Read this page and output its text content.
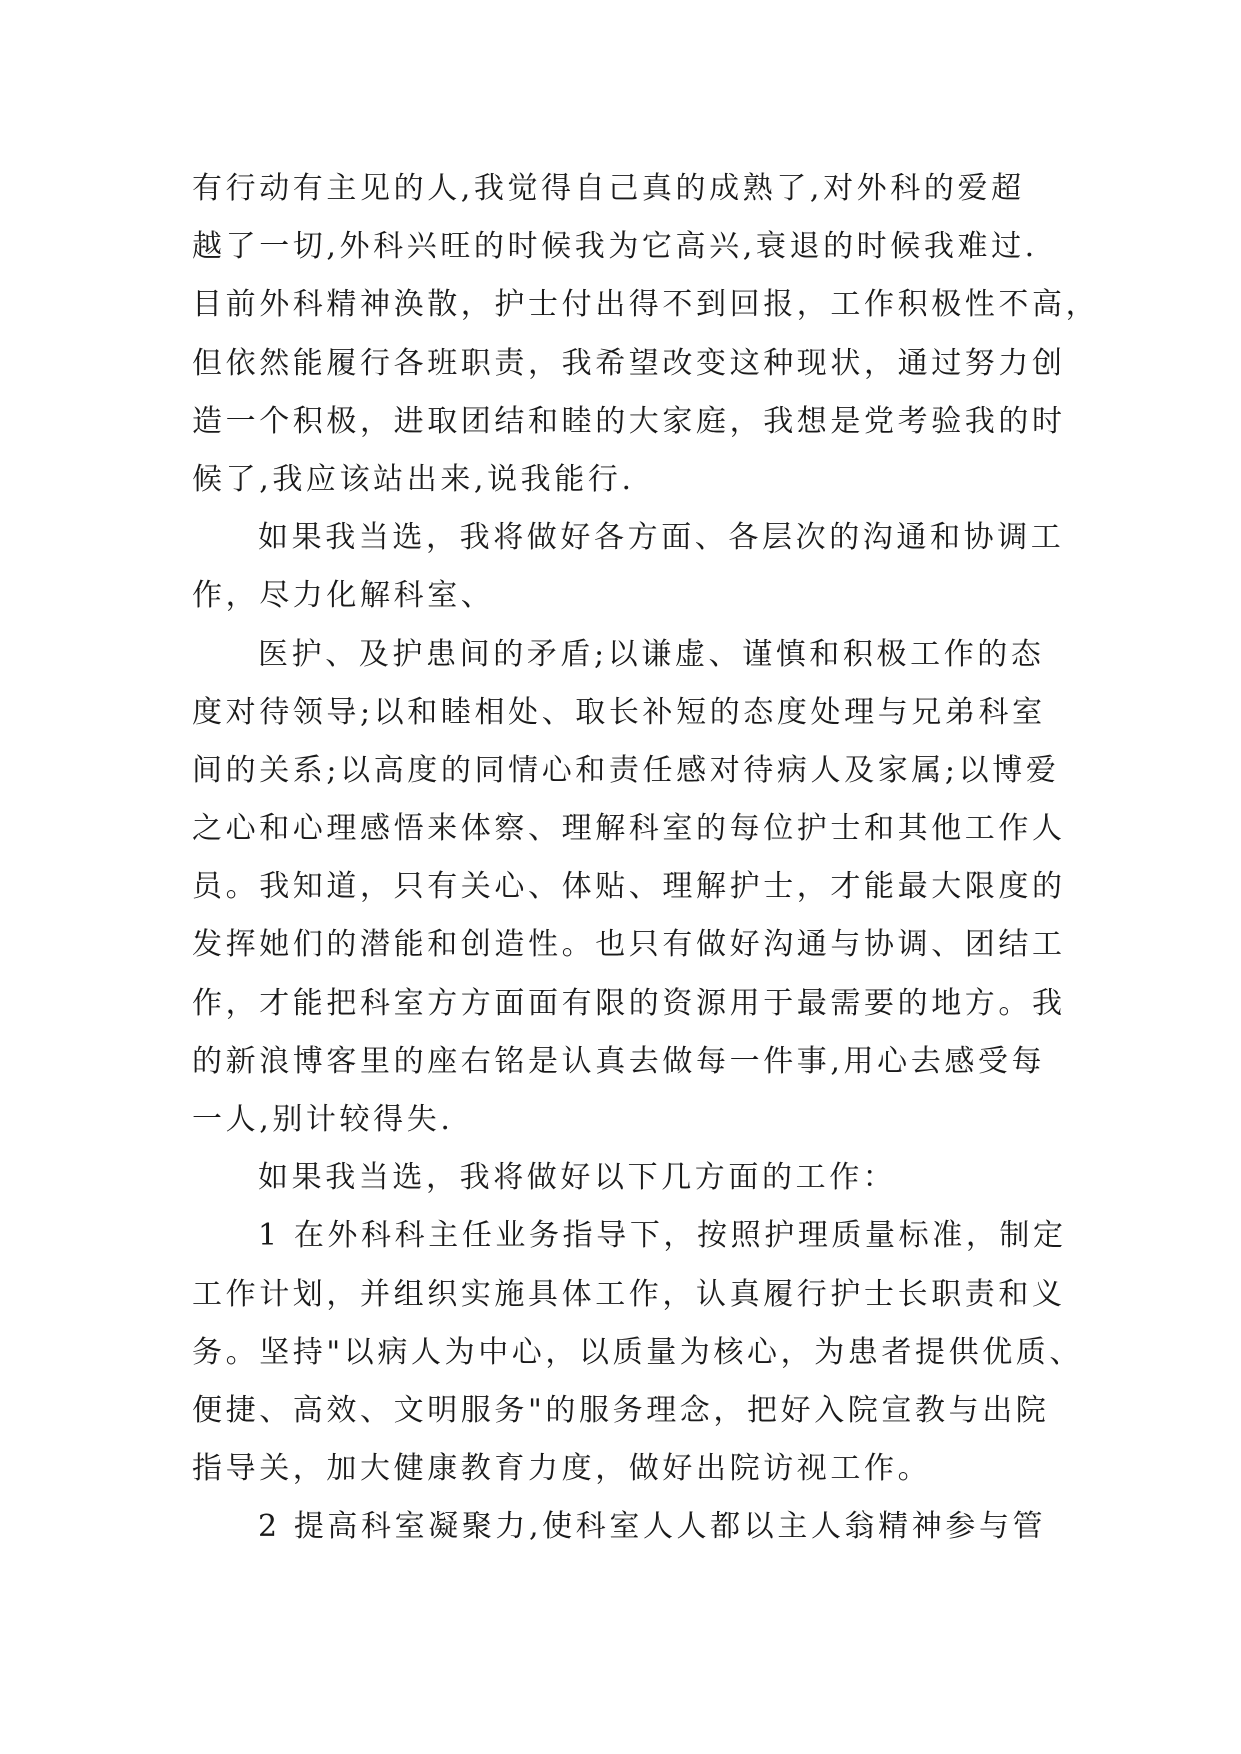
有行动有主见的人,我觉得自己真的成熟了,对外科的爱超
越了一切,外科兴旺的时候我为它高兴,衰退的时候我难过.
目前外科精神涣散，护士付出得不到回报，工作积极性不高，
但依然能履行各班职责，我希望改变这种现状，通过努力创
造一个积极，进取团结和睦的大家庭，我想是党考验我的时
候了,我应该站出来,说我能行.
如果我当选，我将做好各方面、各层次的沟通和协调工
作，尽力化解科室、
医护、及护患间的矛盾;以谦虚、谨慎和积极工作的态
度对待领导;以和睦相处、取长补短的态度处理与兄弟科室
间的关系;以高度的同情心和责任感对待病人及家属;以博爱
之心和心理感悟来体察、理解科室的每位护士和其他工作人
员。我知道，只有关心、体贴、理解护士，才能最大限度的
发挥她们的潜能和创造性。也只有做好沟通与协调、团结工
作，才能把科室方方面面有限的资源用于最需要的地方。我
的新浪博客里的座右铭是认真去做每一件事,用心去感受每
一人,别计较得失.
如果我当选，我将做好以下几方面的工作：
1 在外科科主任业务指导下，按照护理质量标准，制定
工作计划，并组织实施具体工作，认真履行护士长职责和义
务。坚持"以病人为中心，以质量为核心，为患者提供优质、
便捷、高效、文明服务"的服务理念，把好入院宣教与出院
指导关，加大健康教育力度，做好出院访视工作。
2 提高科室凝聚力,使科室人人都以主人翁精神参与管
